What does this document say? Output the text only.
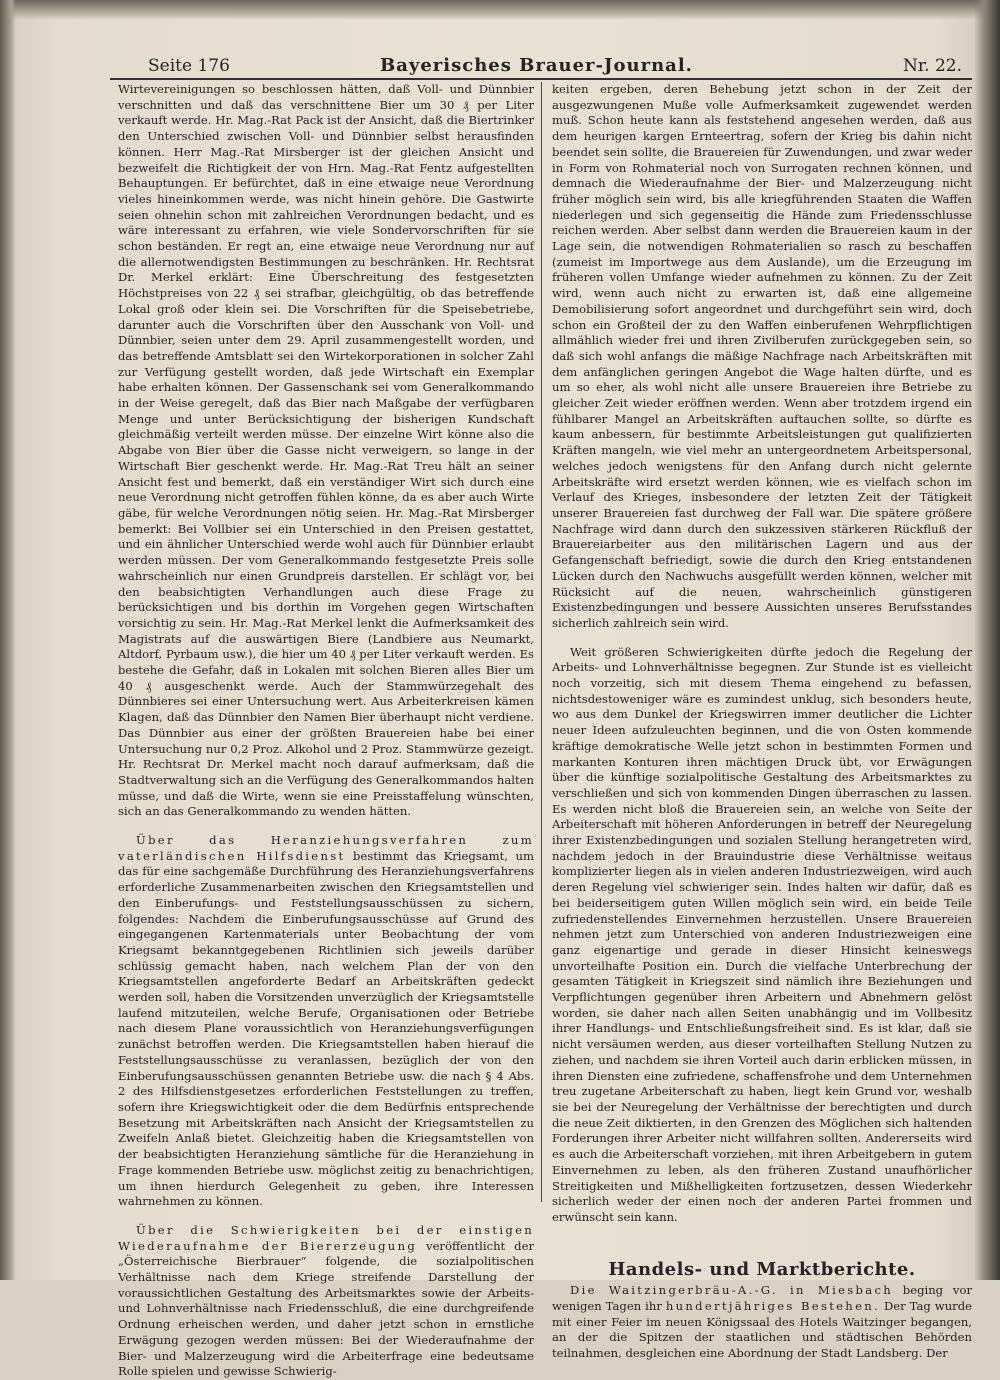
Seite 176	Bayerisches Brauer-Journal.	Nr. 22.

Wirtevereinigungen so beschlossen hätten, daß Voll- und Dünnbier verschnitten und daß das verschnittene Bier um 30 ₰ per Liter verkauft werde. Hr. Mag.-Rat Pack ist der Ansicht, daß die Biertrinker den Unterschied zwischen Voll- und Dünnbier selbst herausfinden können. Herr Mag.-Rat Mirsberger ist der gleichen Ansicht und bezweifelt die Richtigkeit der von Hrn. Mag.-Rat Fentz aufgestellten Behauptungen. Er befürchtet, daß in eine etwaige neue Verordnung vieles hineinkommen werde, was nicht hinein gehöre. Die Gastwirte seien ohnehin schon mit zahlreichen Verordnungen bedacht, und es wäre interessant zu erfahren, wie viele Sondervorschriften für sie schon beständen. Er regt an, eine etwaige neue Verordnung nur auf die allernotwendigsten Bestimmungen zu beschränken. Hr. Rechtsrat Dr. Merkel erklärt: Eine Überschreitung des festgesetzten Höchstpreises von 22 ₰ sei strafbar, gleichgültig, ob das betreffende Lokal groß oder klein sei. Die Vorschriften für die Speisebetriebe, darunter auch die Vorschriften über den Ausschank von Voll- und Dünnbier, seien unter dem 29. April zusammengestellt worden, und das betreffende Amtsblatt sei den Wirtekorporationen in solcher Zahl zur Verfügung gestellt worden, daß jede Wirtschaft ein Exemplar habe erhalten können. Der Gassenschank sei vom Generalkommando in der Weise geregelt, daß das Bier nach Maßgabe der verfügbaren Menge und unter Berücksichtigung der bisherigen Kundschaft gleichmäßig verteilt werden müsse. Der einzelne Wirt könne also die Abgabe von Bier über die Gasse nicht verweigern, so lange in der Wirtschaft Bier geschenkt werde. Hr. Mag.-Rat Treu hält an seiner Ansicht fest und bemerkt, daß ein verständiger Wirt sich durch eine neue Verordnung nicht getroffen fühlen könne, da es aber auch Wirte gäbe, für welche Verordnungen nötig seien. Hr. Mag.-Rat Mirsberger bemerkt: Bei Vollbier sei ein Unterschied in den Preisen gestattet, und ein ähnlicher Unterschied werde wohl auch für Dünnbier erlaubt werden müssen. Der vom Generalkommando festgesetzte Preis solle wahrscheinlich nur einen Grundpreis darstellen. Er schlägt vor, bei den beabsichtigten Verhandlungen auch diese Frage zu berücksichtigen und bis dorthin im Vorgehen gegen Wirtschaften vorsichtig zu sein. Hr. Mag.-Rat Merkel lenkt die Aufmerksamkeit des Magistrats auf die auswärtigen Biere (Landbiere aus Neumarkt, Altdorf, Pyrbaum usw.), die hier um 40 ₰ per Liter verkauft werden. Es bestehe die Gefahr, daß in Lokalen mit solchen Bieren alles Bier um 40 ₰ ausgeschenkt werde. Auch der Stammwürzegehalt des Dünnbieres sei einer Untersuchung wert. Aus Arbeiterkreisen kämen Klagen, daß das Dünnbier den Namen Bier überhaupt nicht verdiene. Das Dünnbier aus einer der größten Brauereien habe bei einer Untersuchung nur 0,2 Proz. Alkohol und 2 Proz. Stammwürze gezeigt. Hr. Rechtsrat Dr. Merkel macht noch darauf aufmerksam, daß die Stadtverwaltung sich an die Verfügung des Generalkommandos halten müsse, und daß die Wirte, wenn sie eine Preisstaffelung wünschten, sich an das Generalkommando zu wenden hätten.

Über das Heranziehungsverfahren zum vaterländischen Hilfsdienst bestimmt das Kriegsamt, um das für eine sachgemäße Durchführung des Heranziehungsverfahrens erforderliche Zusammenarbeiten zwischen den Kriegsamtstellen und den Einberufungs- und Feststellungsausschüssen zu sichern, folgendes: Nachdem die Einberufungsausschüsse auf Grund des eingegangenen Kartenmaterials unter Beobachtung der vom Kriegsamt bekanntgegebenen Richtlinien sich jeweils darüber schlüssig gemacht haben, nach welchem Plan der von den Kriegsamtstellen angeforderte Bedarf an Arbeitskräften gedeckt werden soll, haben die Vorsitzenden unverzüglich der Kriegsamtstelle laufend mitzuteilen, welche Berufe, Organisationen oder Betriebe nach diesem Plane voraussichtlich von Heranziehungsverfügungen zunächst betroffen werden. Die Kriegsamtstellen haben hierauf die Feststellungsausschüsse zu veranlassen, bezüglich der von den Einberufungsausschüssen genannten Betriebe usw. die nach § 4 Abs. 2 des Hilfsdienstgesetzes erforderlichen Feststellungen zu treffen, sofern ihre Kriegswichtigkeit oder die dem Bedürfnis entsprechende Besetzung mit Arbeitskräften nach Ansicht der Kriegsamtstellen zu Zweifeln Anlaß bietet. Gleichzeitig haben die Kriegsamtstellen von der beabsichtigten Heranziehung sämtliche für die Heranziehung in Frage kommenden Betriebe usw. möglichst zeitig zu benachrichtigen, um ihnen hierdurch Gelegenheit zu geben, ihre Interessen wahrnehmen zu können.

Über die Schwierigkeiten bei der einstigen Wiederaufnahme der Biererzeugung veröffentlicht der „Österreichische Bierbrauer“ folgende, die sozialpolitischen Verhältnisse nach dem Kriege streifende Darstellung der voraussichtlichen Gestaltung des Arbeitsmarktes sowie der Arbeits- und Lohnverhältnisse nach Friedensschluß, die eine durchgreifende Ordnung erheischen werden, und daher jetzt schon in ernstliche Erwägung gezogen werden müssen: Bei der Wiederaufnahme der Bier- und Malzerzeugung wird die Arbeiterfrage eine bedeutsame Rolle spielen und gewisse Schwierig-

keiten ergeben, deren Behebung jetzt schon in der Zeit der ausgezwungenen Muße volle Aufmerksamkeit zugewendet werden muß. Schon heute kann als feststehend angesehen werden, daß aus dem heurigen kargen Ernteertrag, sofern der Krieg bis dahin nicht beendet sein sollte, die Brauereien für Zuwendungen, und zwar weder in Form von Rohmaterial noch von Surrogaten rechnen können, und demnach die Wiederaufnahme der Bier- und Malzerzeugung nicht früher möglich sein wird, bis alle kriegführenden Staaten die Waffen niederlegen und sich gegenseitig die Hände zum Friedensschlusse reichen werden. Aber selbst dann werden die Brauereien kaum in der Lage sein, die notwendigen Rohmaterialien so rasch zu beschaffen (zumeist im Importwege aus dem Auslande), um die Erzeugung im früheren vollen Umfange wieder aufnehmen zu können. Zu der Zeit wird, wenn auch nicht zu erwarten ist, daß eine allgemeine Demobilisierung sofort angeordnet und durchgeführt sein wird, doch schon ein Großteil der zu den Waffen einberufenen Wehrpflichtigen allmählich wieder frei und ihren Zivilberufen zurückgegeben sein, so daß sich wohl anfangs die mäßige Nachfrage nach Arbeitskräften mit dem anfänglichen geringen Angebot die Wage halten dürfte, und es um so eher, als wohl nicht alle unsere Brauereien ihre Betriebe zu gleicher Zeit wieder eröffnen werden. Wenn aber trotzdem irgend ein fühlbarer Mangel an Arbeitskräften auftauchen sollte, so dürfte es kaum anbessern, für bestimmte Arbeitsleistungen gut qualifizierten Kräften mangeln, wie viel mehr an untergeordnetem Arbeitspersonal, welches jedoch wenigstens für den Anfang durch nicht gelernte Arbeitskräfte wird ersetzt werden können, wie es vielfach schon im Verlauf des Krieges, insbesondere der letzten Zeit der Tätigkeit unserer Brauereien fast durchweg der Fall war. Die spätere größere Nachfrage wird dann durch den sukzessiven stärkeren Rückfluß der Brauereiarbeiter aus den militärischen Lagern und aus der Gefangenschaft befriedigt, sowie die durch den Krieg entstandenen Lücken durch den Nachwuchs ausgefüllt werden können, welcher mit Rücksicht auf die neuen, wahrscheinlich günstigeren Existenzbedingungen und bessere Aussichten unseres Berufsstandes sicherlich zahlreich sein wird.

Weit größeren Schwierigkeiten dürfte jedoch die Regelung der Arbeits- und Lohnverhältnisse begegnen. Zur Stunde ist es vielleicht noch vorzeitig, sich mit diesem Thema eingehend zu befassen, nichtsdestoweniger wäre es zumindest unklug, sich besonders heute, wo aus dem Dunkel der Kriegswirren immer deutlicher die Lichter neuer Ideen aufzuleuchten beginnen, und die von Osten kommende kräftige demokratische Welle jetzt schon in bestimmten Formen und markanten Konturen ihren mächtigen Druck übt, vor Erwägungen über die künftige sozialpolitische Gestaltung des Arbeitsmarktes zu verschließen und sich von kommenden Dingen überraschen zu lassen. Es werden nicht bloß die Brauereien sein, an welche von Seite der Arbeiterschaft mit höheren Anforderungen in betreff der Neuregelung ihrer Existenzbedingungen und sozialen Stellung herangetreten wird, nachdem jedoch in der Brauindustrie diese Verhältnisse weitaus komplizierter liegen als in vielen anderen Industriezweigen, wird auch deren Regelung viel schwieriger sein. Indes halten wir dafür, daß es bei beiderseitigem guten Willen möglich sein wird, ein beide Teile zufriedenstellendes Einvernehmen herzustellen. Unsere Brauereien nehmen jetzt zum Unterschied von anderen Industriezweigen eine ganz eigenartige und gerade in dieser Hinsicht keineswegs unvorteilhafte Position ein. Durch die vielfache Unterbrechung der gesamten Tätigkeit in Kriegszeit sind nämlich ihre Beziehungen und Verpflichtungen gegenüber ihren Arbeitern und Abnehmern gelöst worden, sie daher nach allen Seiten unabhängig und im Vollbesitz ihrer Handlungs- und Entschließungsfreiheit sind. Es ist klar, daß sie nicht versäumen werden, aus dieser vorteilhaften Stellung Nutzen zu ziehen, und nachdem sie ihren Vorteil auch darin erblicken müssen, in ihren Diensten eine zufriedene, schaffensfrohe und dem Unternehmen treu zugetane Arbeiterschaft zu haben, liegt kein Grund vor, weshalb sie bei der Neuregelung der Verhältnisse der berechtigten und durch die neue Zeit diktierten, in den Grenzen des Möglichen sich haltenden Forderungen ihrer Arbeiter nicht willfahren sollten. Andererseits wird es auch die Arbeiterschaft vorziehen, mit ihren Arbeitgebern in gutem Einvernehmen zu leben, als den früheren Zustand unaufhörlicher Streitigkeiten und Mißhelligkeiten fortzusetzen, dessen Wiederkehr sicherlich weder der einen noch der anderen Partei frommen und erwünscht sein kann.

Handels- und Marktberichte.

Die Waitzingerbräu-A.-G. in Miesbach beging vor wenigen Tagen ihr hundertjähriges Bestehen. Der Tag wurde mit einer Feier im neuen Königssaal des Hotels Waitzinger begangen, an der die Spitzen der staatlichen und städtischen Behörden teilnahmen, desgleichen eine Abordnung der Stadt Landsberg. Der
